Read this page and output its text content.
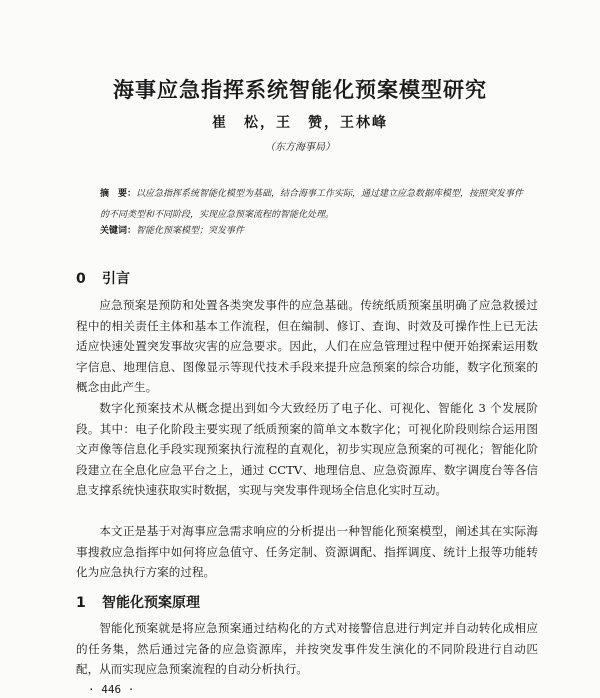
海事应急指挥系统智能化预案模型研究
崔　松，王　赞，王林峰
（东方海事局）
摘　要：以应急指挥系统智能化模型为基础，结合海事工作实际，通过建立应急数据库模型，按照突发事件的不同类型和不同阶段，实现应急预案流程的智能化处理。
关键词：智能化预案模型；突发事件
0 引言
应急预案是预防和处置各类突发事件的应急基础。传统纸质预案虽明确了应急救援过程中的相关责任主体和基本工作流程，但在编制、修订、查询、时效及可操作性上已无法适应快速处置突发事故灾害的应急要求。因此，人们在应急管理过程中便开始探索运用数字信息、地理信息、图像显示等现代技术手段来提升应急预案的综合功能，数字化预案的概念由此产生。
数字化预案技术从概念提出到如今大致经历了电子化、可视化、智能化 3 个发展阶段。其中：电子化阶段主要实现了纸质预案的简单文本数字化；可视化阶段则综合运用图文声像等信息化手段实现预案执行流程的直观化，初步实现应急预案的可视化；智能化阶段建立在全息化应急平台之上，通过 CCTV、地理信息、应急资源库、数字调度台等各信息支撑系统快速获取实时数据，实现与突发事件现场全信息化实时互动。
本文正是基于对海事应急需求响应的分析提出一种智能化预案模型，阐述其在实际海事搜救应急指挥中如何将应急值守、任务定制、资源调配、指挥调度、统计上报等功能转化为应急执行方案的过程。
1 智能化预案原理
智能化预案就是将应急预案通过结构化的方式对接警信息进行判定并自动转化成相应的任务集，然后通过完备的应急资源库，并按突发事件发生演化的不同阶段进行自动匹配，从而实现应急预案流程的自动分析执行。
· 446 ·
